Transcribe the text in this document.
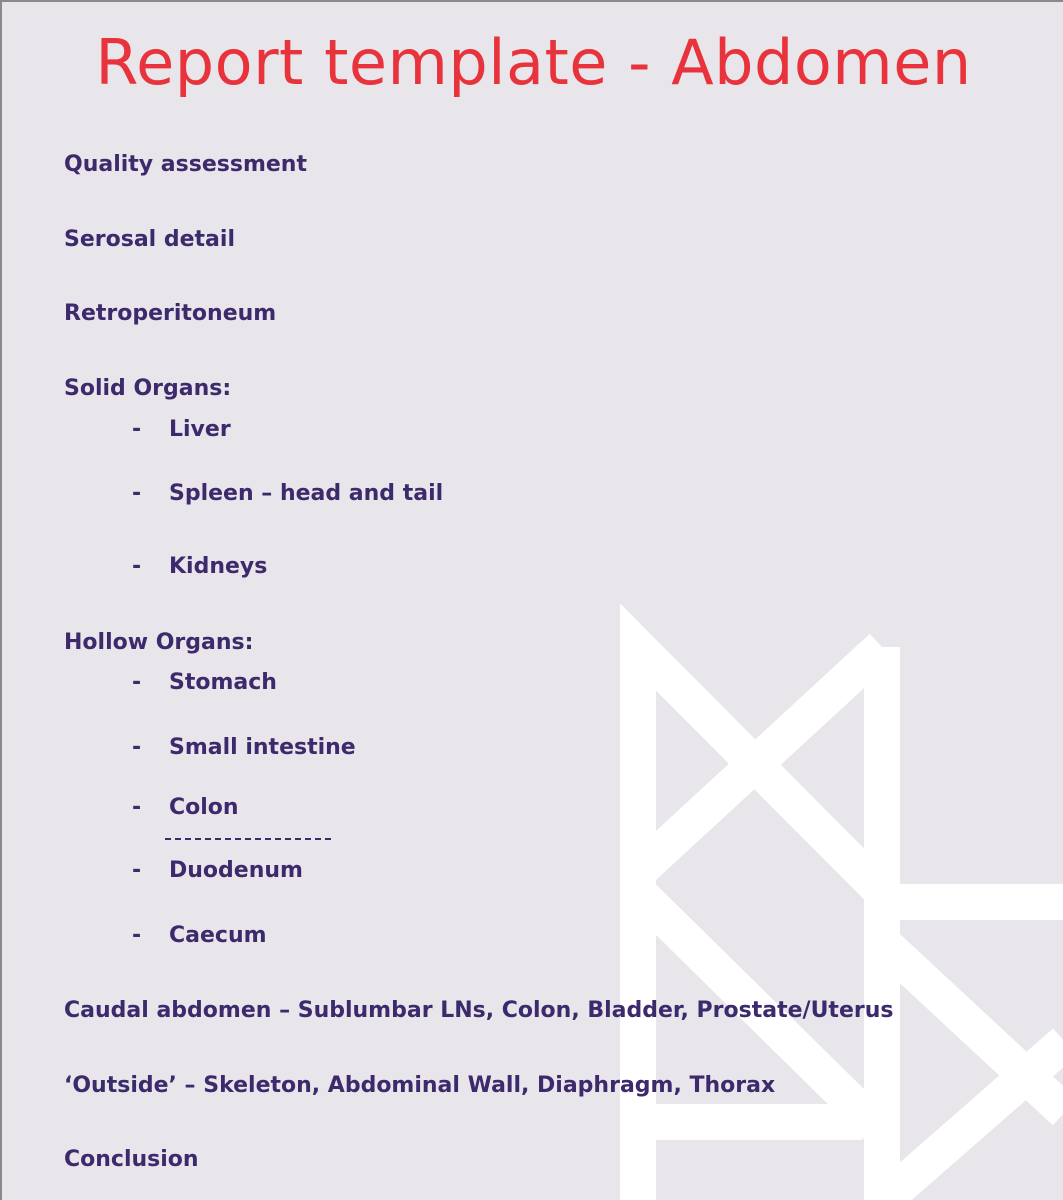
Report template - Abdomen
Quality assessment
Serosal detail
Retroperitoneum
Solid Organs:
- Liver
- Spleen – head and tail
- Kidneys
Hollow Organs:
- Stomach
- Small intestine
- Colon
- Duodenum
- Caecum
Caudal abdomen – Sublumbar LNs, Colon, Bladder, Prostate/Uterus
‘Outside’ – Skeleton, Abdominal Wall, Diaphragm, Thorax
Conclusion
